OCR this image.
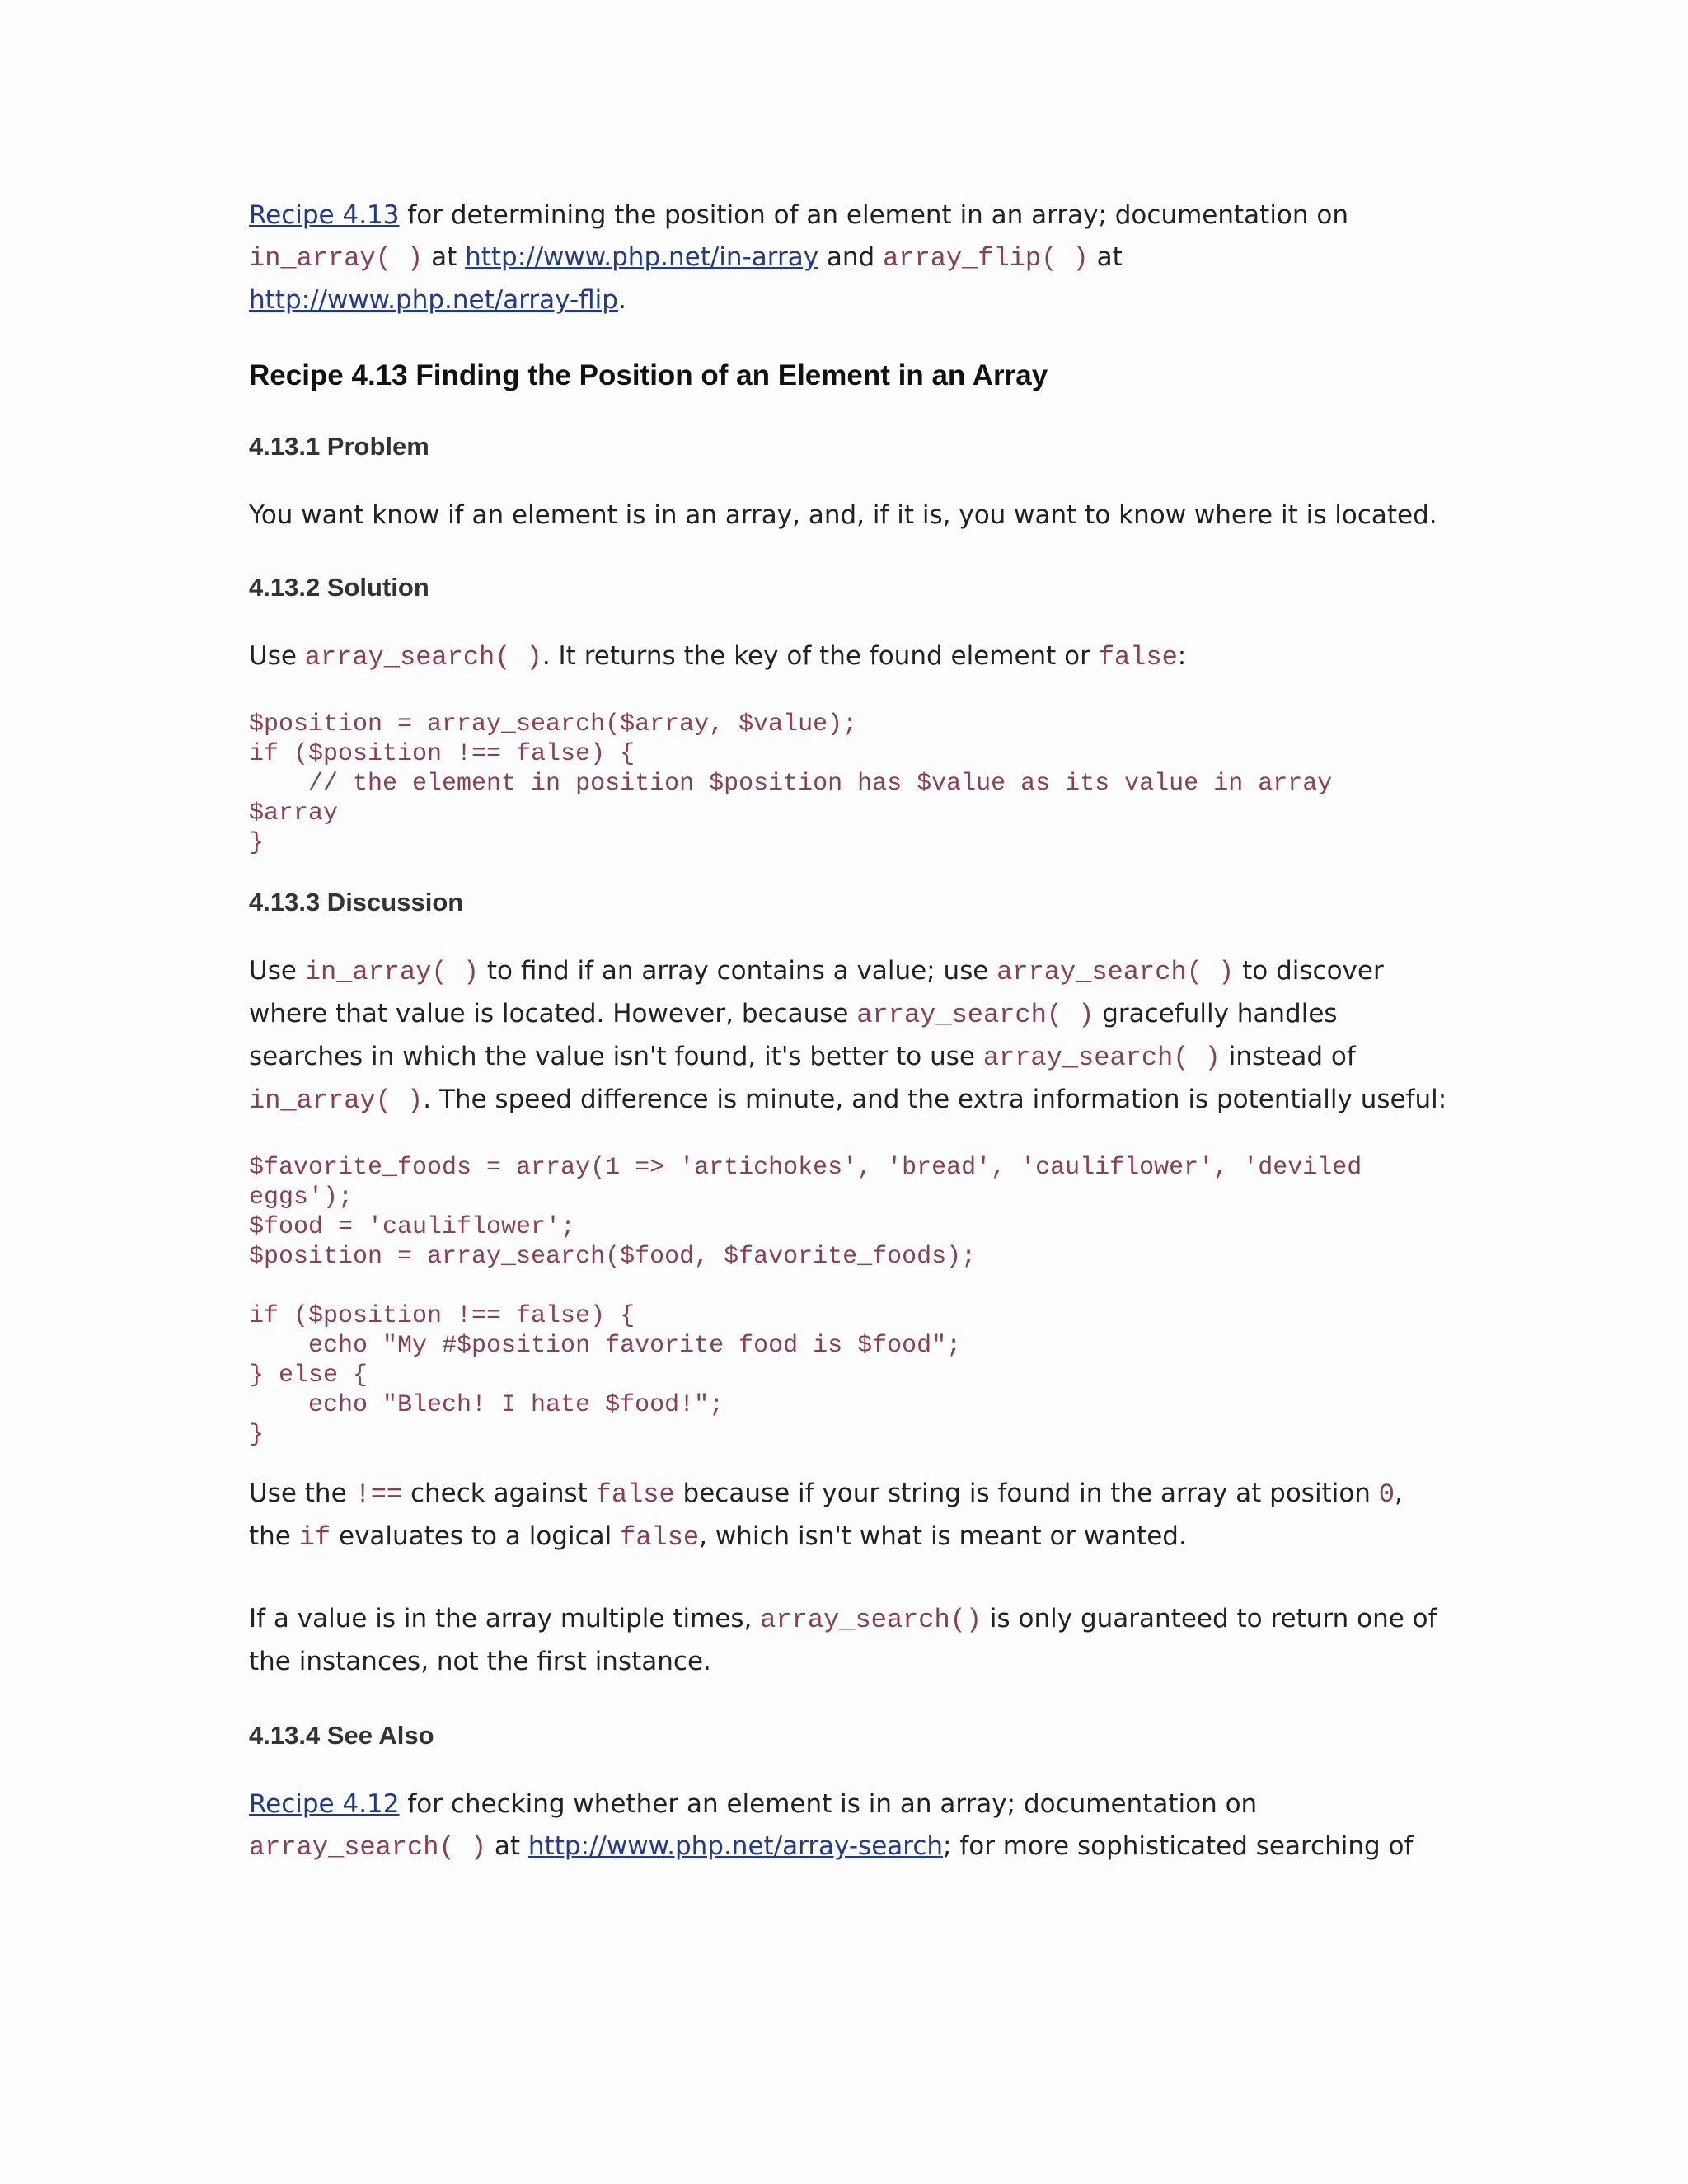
Recipe 4.13 for determining the position of an element in an array; documentation on
in_array( ) at http://www.php.net/in-array and array_flip( ) at
http://www.php.net/array-flip.

Recipe 4.13 Finding the Position of an Element in an Array
4.13.1 Problem

You want know if an element is in an array, and, if it is, you want to know where it is located.

4.13.2 Solution

Use array_search( ). It returns the key of the found element or false:

$position = array_search($array, $value);
if ($position !== false) {
// the element in position $position has $value as its value in array
$array
}
4.13.3 Discussion

Use in_array( ) to find if an array contains a value; use array_search( ) to discover where that value is located. However, because array_search( ) gracefully handles searches in which the value isn't found, it's better to use array_search( ) instead of in_array( ). The speed difference is minute, and the extra information is potentially useful:

$favorite_foods = array(1 => 'artichokes', 'bread', 'cauliflower', 'deviled
eggs');
$food = 'cauliflower';
$position = array_search($food, $favorite_foods);

if ($position !== false) {
echo "My #$position favorite food is $food";
} else {
echo "Blech! I hate $food!";
}

Use the !== check against false because if your string is found in the array at position 0, the if evaluates to a logical false, which isn't what is meant or wanted.

If a value is in the array multiple times, array_search() is only guaranteed to return one of the instances, not the first instance.

4.13.4 See Also

Recipe 4.12 for checking whether an element is in an array; documentation on
array_search( ) at http://www.php.net/array-search; for more sophisticated searching of
